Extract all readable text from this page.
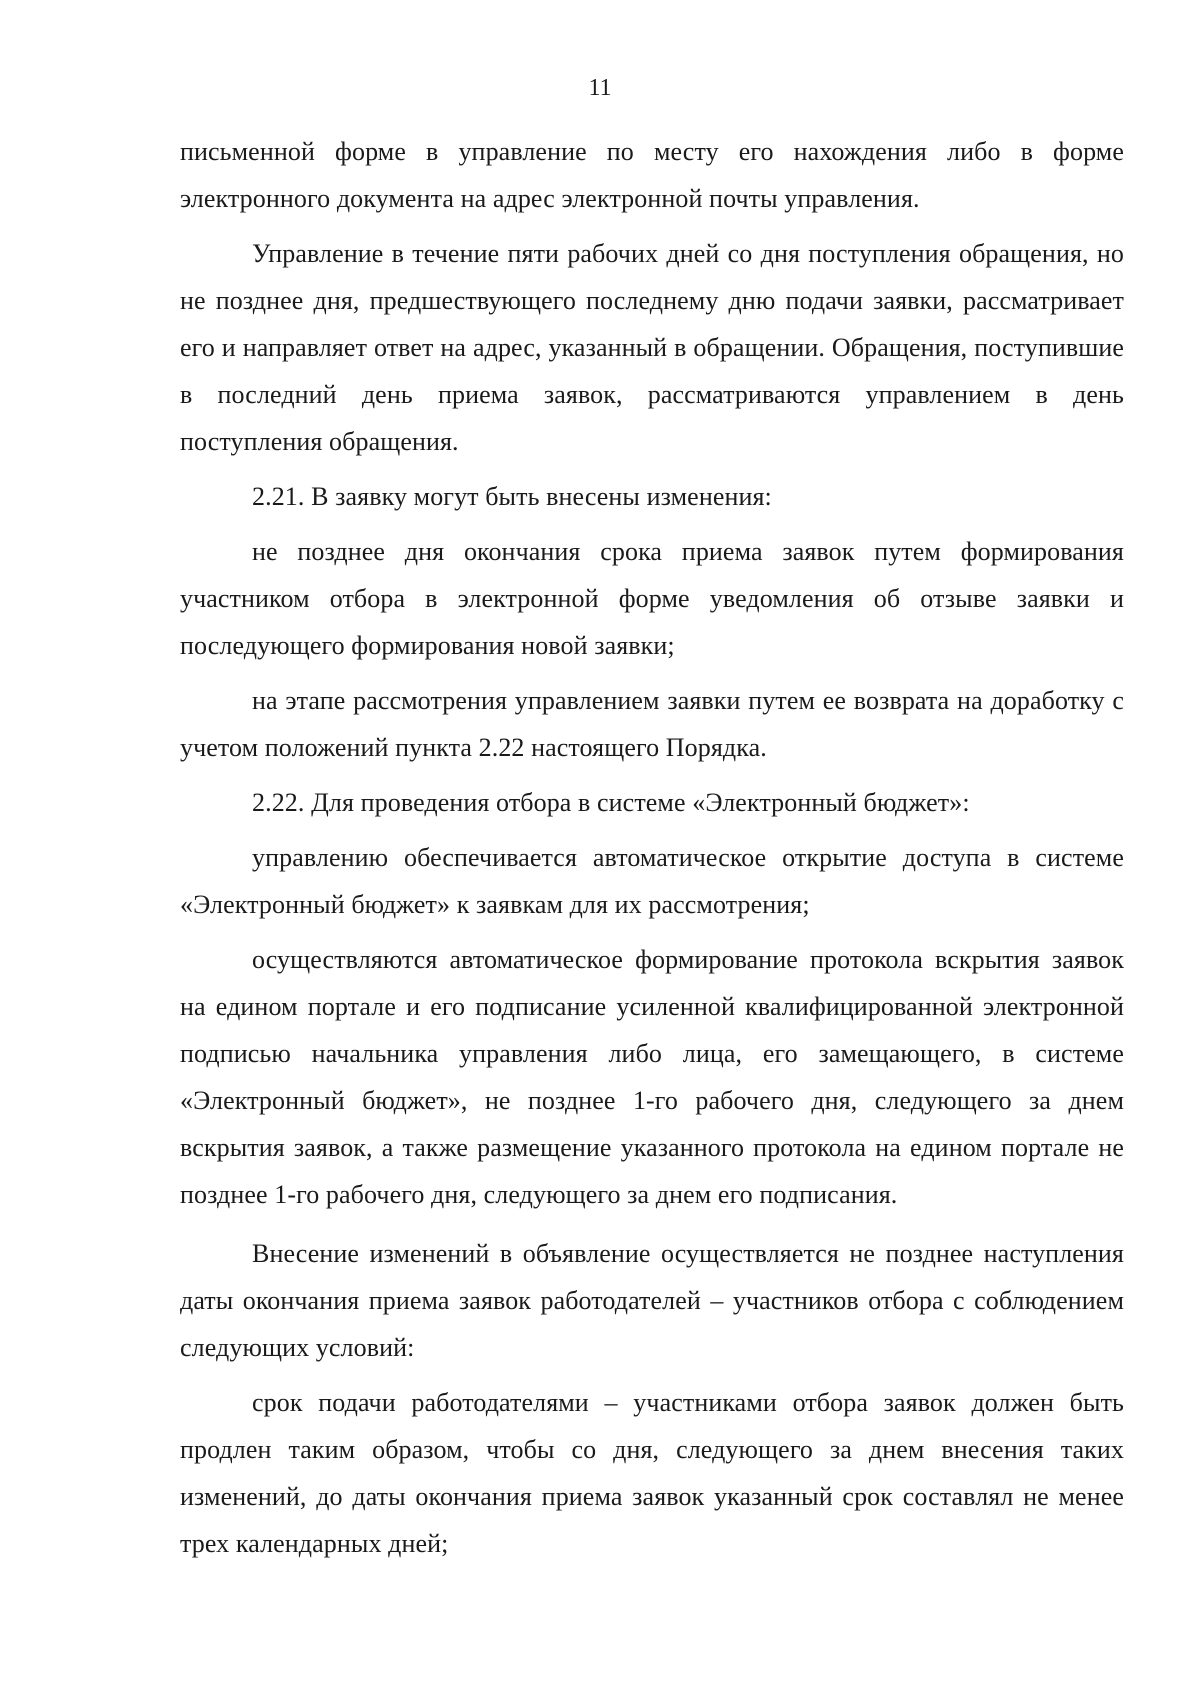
11

письменной форме в управление по месту его нахождения либо в форме электронного документа на адрес электронной почты управления.

Управление в течение пяти рабочих дней со дня поступления обращения, но не позднее дня, предшествующего последнему дню подачи заявки, рассматривает его и направляет ответ на адрес, указанный в обращении. Обращения, поступившие в последний день приема заявок, рассматриваются управлением в день поступления обращения.

2.21. В заявку могут быть внесены изменения:

не позднее дня окончания срока приема заявок путем формирования участником отбора в электронной форме уведомления об отзыве заявки и последующего формирования новой заявки;

на этапе рассмотрения управлением заявки путем ее возврата на доработку с учетом положений пункта 2.22 настоящего Порядка.

2.22. Для проведения отбора в системе «Электронный бюджет»:

управлению обеспечивается автоматическое открытие доступа в системе «Электронный бюджет» к заявкам для их рассмотрения;

осуществляются автоматическое формирование протокола вскрытия заявок на едином портале и его подписание усиленной квалифицированной электронной подписью начальника управления либо лица, его замещающего, в системе «Электронный бюджет», не позднее 1-го рабочего дня, следующего за днем вскрытия заявок, а также размещение указанного протокола на едином портале не позднее 1-го рабочего дня, следующего за днем его подписания.

Внесение изменений в объявление осуществляется не позднее наступления даты окончания приема заявок работодателей – участников отбора с соблюдением следующих условий:

срок подачи работодателями – участниками отбора заявок должен быть продлен таким образом, чтобы со дня, следующего за днем внесения таких изменений, до даты окончания приема заявок указанный срок составлял не менее трех календарных дней;
